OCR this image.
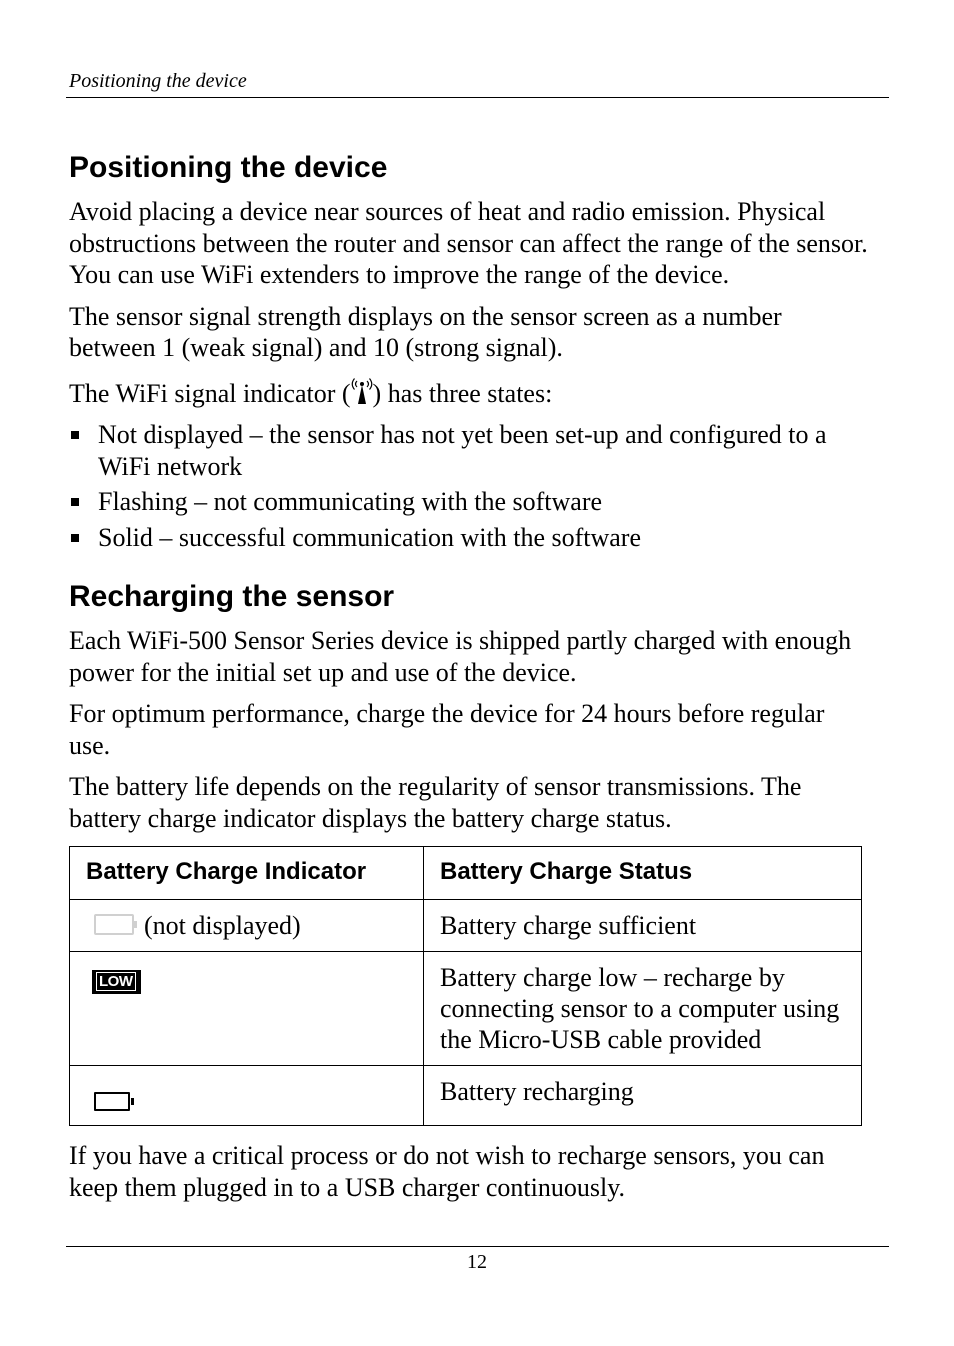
Positioning the device
Positioning the device

Avoid placing a device near sources of heat and radio emission. Physical obstructions between the router and sensor can affect the range of the sensor. You can use WiFi extenders to improve the range of the device.

The sensor signal strength displays on the sensor screen as a number between 1 (weak signal) and 10 (strong signal).

The WiFi signal indicator ( ) has three states:

Not displayed – the sensor has not yet been set-up and configured to a WiFi network
Flashing – not communicating with the software
Solid – successful communication with the software
Recharging the sensor

Each WiFi-500 Sensor Series device is shipped partly charged with enough power for the initial set up and use of the device.

For optimum performance, charge the device for 24 hours before regular use.

The battery life depends on the regularity of sensor transmissions. The battery charge indicator displays the battery charge status.

Battery Charge Indicator	Battery Charge Status
(not displayed)	Battery charge sufficient
LOW	Battery charge low – recharge by connecting sensor to a computer using the Micro-USB cable provided
	Battery recharging

If you have a critical process or do not wish to recharge sensors, you can keep them plugged in to a USB charger continuously.

12
